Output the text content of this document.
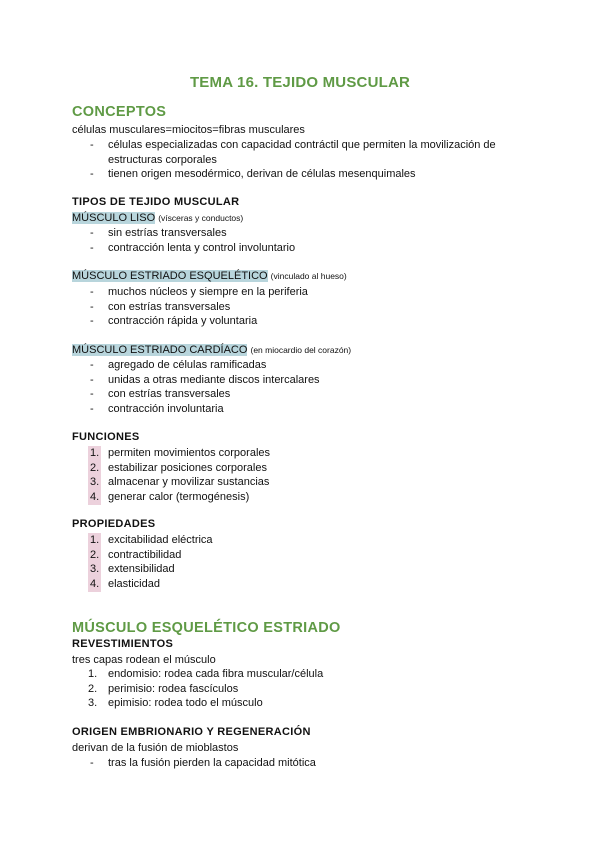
TEMA 16. TEJIDO MUSCULAR
CONCEPTOS
células musculares=miocitos=fibras musculares
- células especializadas con capacidad contráctil que permiten la movilización de estructuras corporales
- tienen origen mesodérmico, derivan de células mesenquimales
TIPOS DE TEJIDO MUSCULAR
MÚSCULO LISO (vísceras y conductos)
- sin estrías transversales
- contracción lenta y control involuntario
MÚSCULO ESTRIADO ESQUELÉTICO (vinculado al hueso)
- muchos núcleos y siempre en la periferia
- con estrías transversales
- contracción rápida y voluntaria
MÚSCULO ESTRIADO CARDÍACO (en miocardio del corazón)
- agregado de células ramificadas
- unidas a otras mediante discos intercalares
- con estrías transversales
- contracción involuntaria
FUNCIONES
1. permiten movimientos corporales
2. estabilizar posiciones corporales
3. almacenar y movilizar sustancias
4. generar calor (termogénesis)
PROPIEDADES
1. excitabilidad eléctrica
2. contractibilidad
3. extensibilidad
4. elasticidad
MÚSCULO ESQUELÉTICO ESTRIADO
REVESTIMIENTOS
tres capas rodean el músculo
1. endomisio: rodea cada fibra muscular/célula
2. perimisio: rodea fascículos
3. epimisio: rodea todo el músculo
ORIGEN EMBRIONARIO Y REGENERACIÓN
derivan de la fusión de mioblastos
- tras la fusión pierden la capacidad mitótica
